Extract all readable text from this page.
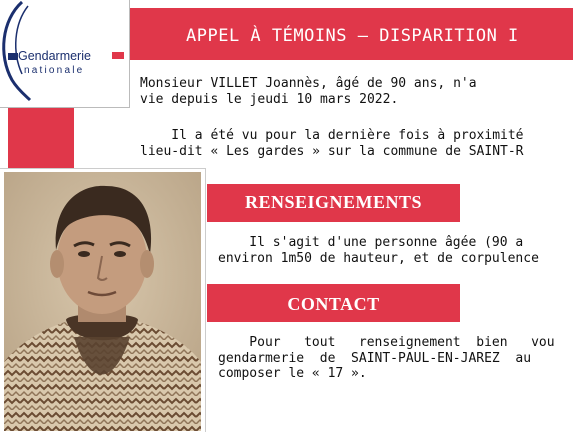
APPEL À TÉMOINS – DISPARITION I
Gendarmerie
nationale
Monsieur VILLET Joannès, âgé de 90 ans, n'a
vie depuis le jeudi 10 mars 2022.
Il a été vu pour la dernière fois à proximité
lieu-dit « Les gardes » sur la commune de SAINT-R
RENSEIGNEMENTS
Il s'agit d'une personne âgée (90 a
environ 1m50 de hauteur, et de corpulence
CONTACT
Pour   tout   renseignement  bien   vou
gendarmerie  de  SAINT-PAUL-EN-JAREZ  au
composer le « 17 ».
